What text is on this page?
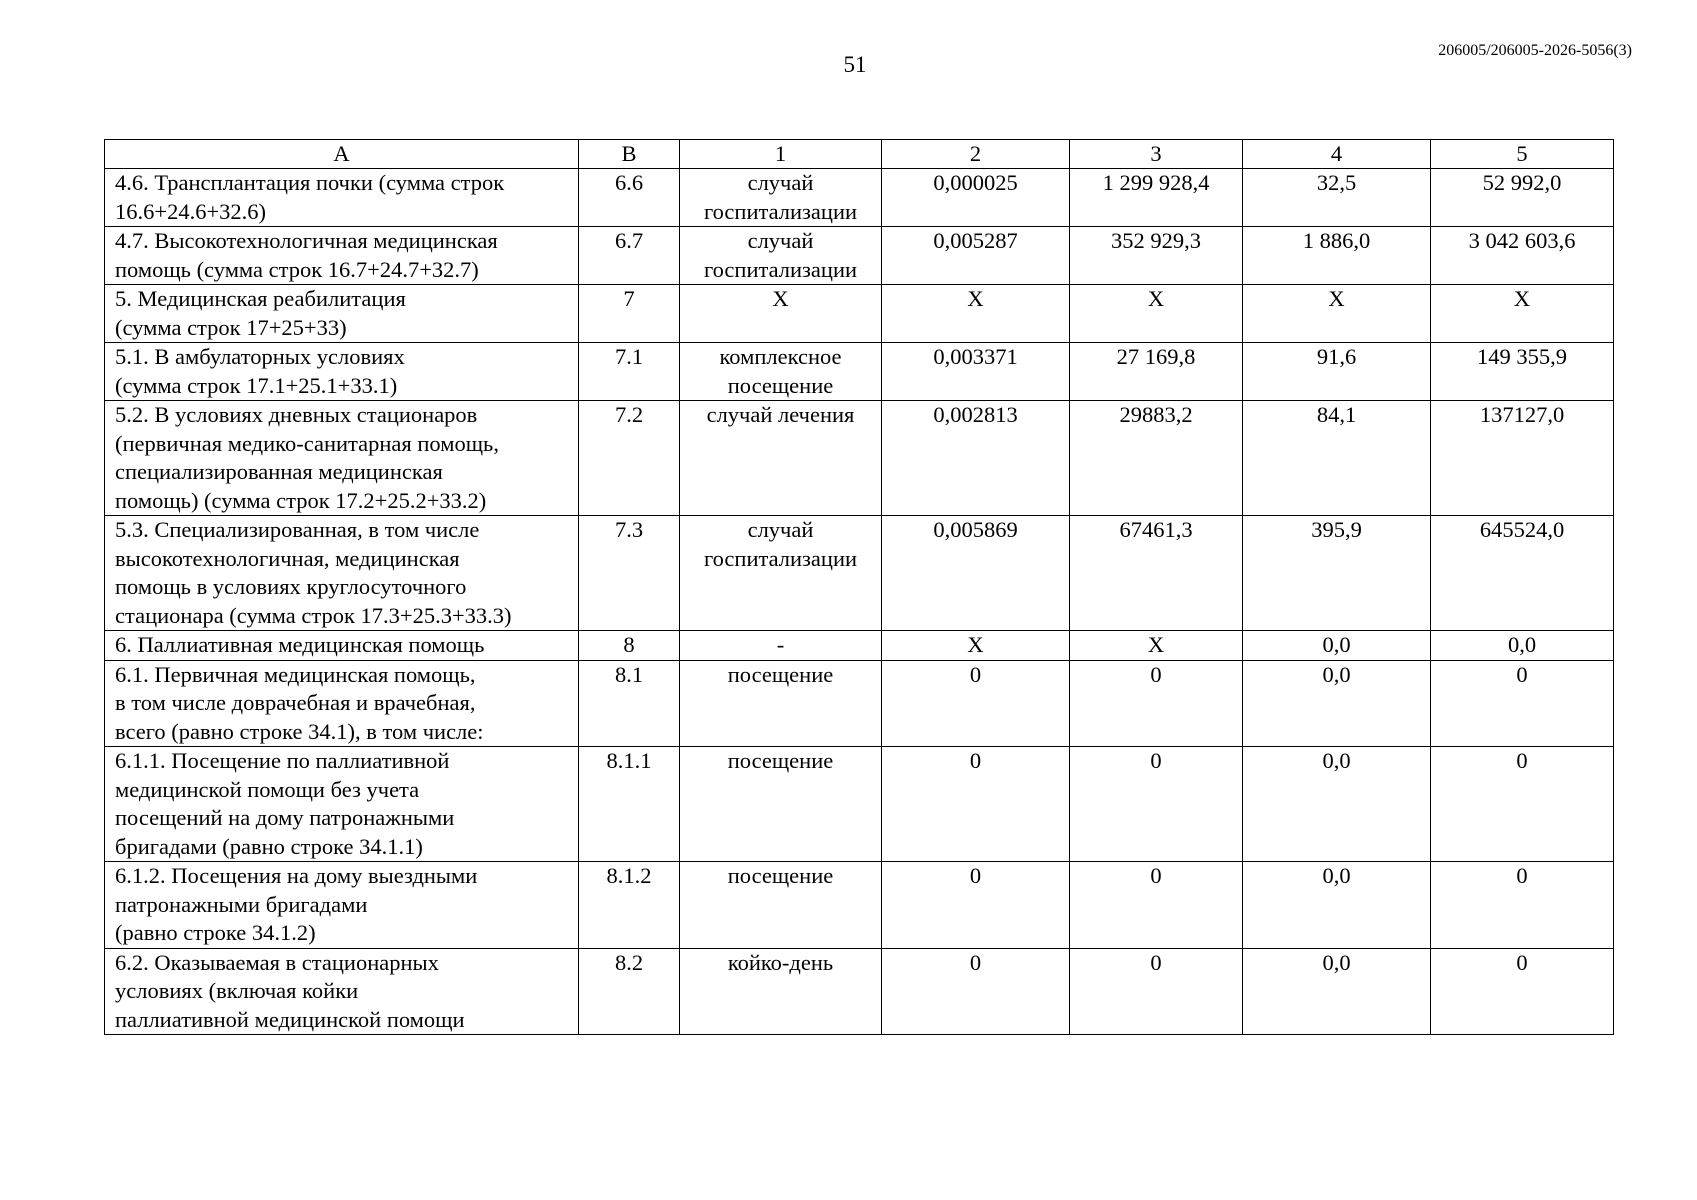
51
206005/206005-2026-5056(3)
А	В	1	2	3	4	5

4.6. Трансплантация почки (сумма строк
16.6+24.6+32.6)	6.6	случай госпитализации	0,000025	1 299 928,4	32,5	52 992,0

4.7. Высокотехнологичная медицинская
помощь (сумма строк 16.7+24.7+32.7)	6.7	случай госпитализации	0,005287	352 929,3	1 886,0	3 042 603,6

5. Медицинская реабилитация
(сумма строк 17+25+33)	7	Х	Х	Х	Х	Х

5.1. В амбулаторных условиях
(сумма строк 17.1+25.1+33.1)	7.1	комплексное посещение	0,003371	27 169,8	91,6	149 355,9

5.2. В условиях дневных стационаров
(первичная медико-санитарная помощь,
специализированная медицинская
помощь) (сумма строк 17.2+25.2+33.2)	7.2	случай лечения	0,002813	29883,2	84,1	137127,0

5.3. Специализированная, в том числе
высокотехнологичная, медицинская
помощь в условиях круглосуточного
стационара (сумма строк 17.3+25.3+33.3)	7.3	случай госпитализации	0,005869	67461,3	395,9	645524,0

6. Паллиативная медицинская помощь	8	-	Х	Х	0,0	0,0

6.1. Первичная медицинская помощь,
в том числе доврачебная и врачебная,
всего (равно строке 34.1), в том числе:	8.1	посещение	0	0	0,0	0

6.1.1. Посещение по паллиативной
медицинской помощи без учета
посещений на дому патронажными
бригадами (равно строке 34.1.1)	8.1.1	посещение	0	0	0,0	0

6.1.2. Посещения на дому выездными
патронажными бригадами
(равно строке 34.1.2)	8.1.2	посещение	0	0	0,0	0

6.2. Оказываемая в стационарных
условиях (включая койки
паллиативной медицинской помощи	8.2	койко-день	0	0	0,0	0
